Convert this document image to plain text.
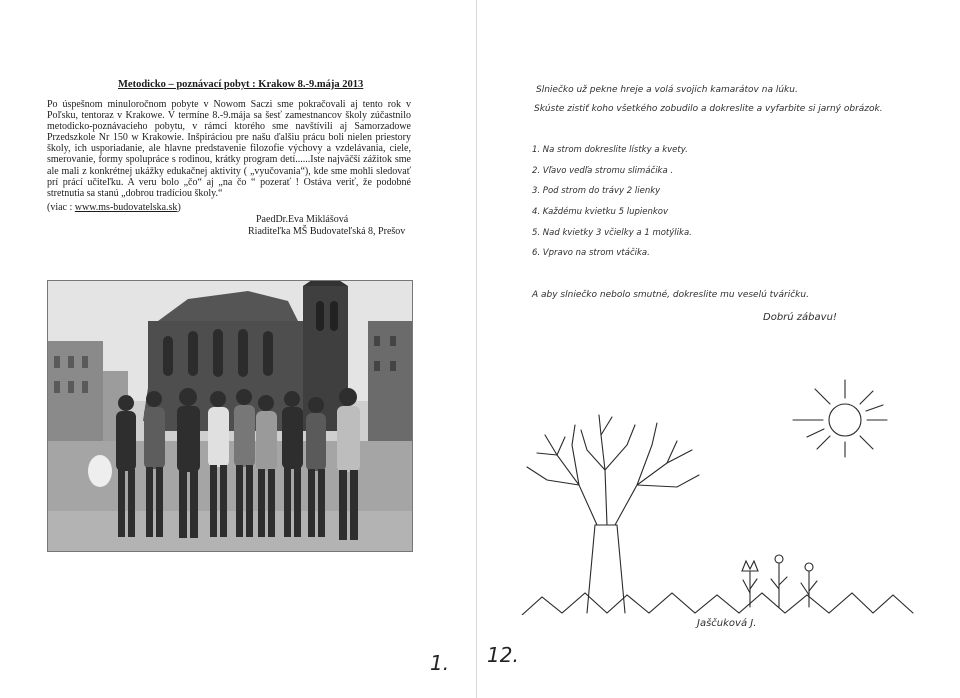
Metodicko – poznávací pobyt : Krakow 8.-9.mája 2013

Po úspešnom minuloročnom pobyte v Nowom Saczi sme pokračovali aj tento rok v Poľsku, tentoraz v Krakowe. V termíne 8.-9.mája sa šesť zamestnancov školy zúčastnilo metodicko-poznávacieho pobytu, v rámci ktorého sme navštívili aj Samorzadowe Przedszkole Nr 150 w Krakowie. Inšpiráciou pre našu ďalšiu prácu boli nielen priestory školy, ich usporiadanie, ale hlavne predstavenie filozofie výchovy a vzdelávania, ciele, smerovanie, formy spolupráce s rodinou, krátky program detí......Iste najväčší zážitok sme ale mali z konkrétnej ukážky edukačnej aktivity ( „vyučovania“), kde sme mohli sledovať prí prácí učiteľku. A veru bolo „čo“ aj „na čo “ pozerať ! Ostáva veriť, že podobné stretnutia sa stanú „dobrou tradíciou školy.“

(viac : www.ms-budovatelska.sk)
PaedDr.Eva Miklášová
Riaditeľka MŠ Budovateľská 8, Prešov
1.
Slniečko už pekne hreje a volá svojich kamarátov na lúku.
Skúste zistiť koho všetkého zobudilo a dokreslite a vyfarbite si jarný obrázok.
1. Na strom dokreslite lístky a kvety.
2. Vľavo vedľa stromu slimáčika .
3. Pod strom do trávy 2 lienky
4. Každému kvietku 5 lupienkov
5. Nad kvietky 3 včielky a 1 motýlika.
6. Vpravo na strom vtáčika.
A aby slniečko nebolo smutné, dokreslite mu veselú tváričku.
Dobrú zábavu!
Jaščuková J.
12.
